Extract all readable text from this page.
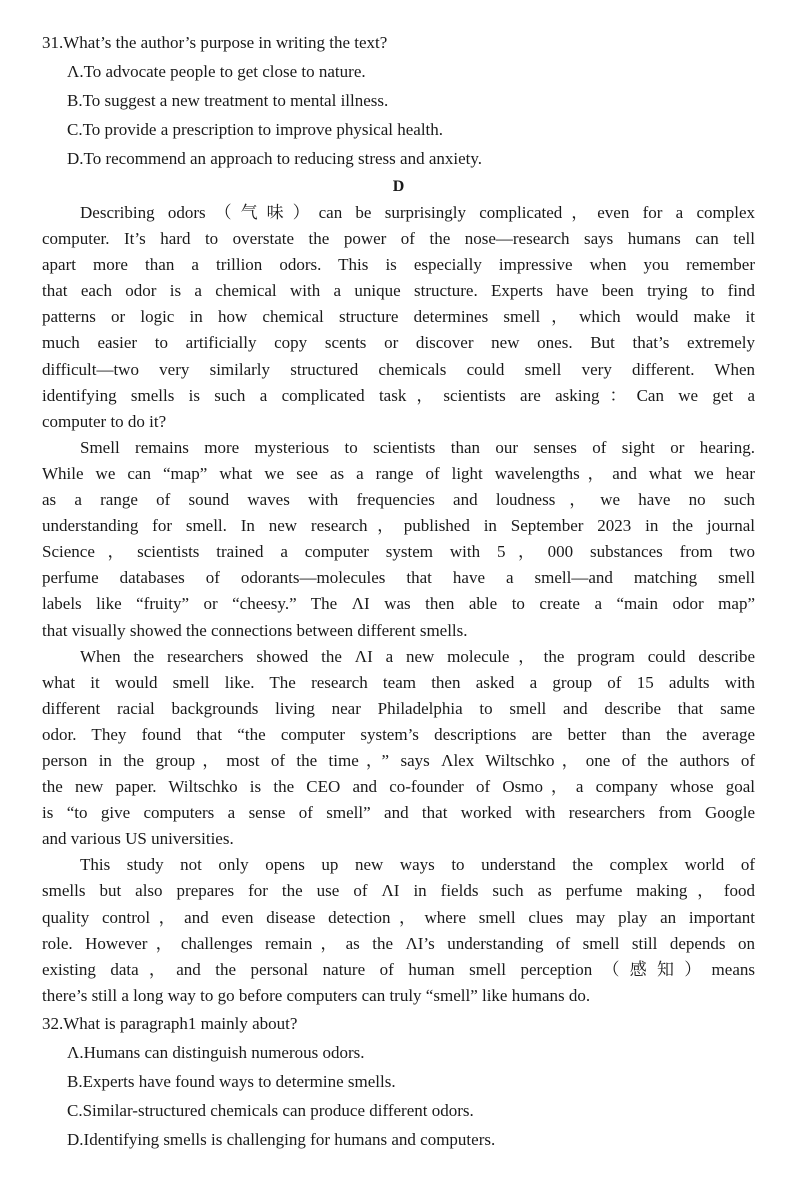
31.What’s the author’s purpose in writing the text?
Λ.To advocate people to get close to nature.
B.To suggest a new treatment to mental illness.
C.To provide a prescription to improve physical health.
D.To recommend an approach to reducing stress and anxiety.
D
Describing odors（气味）can be surprisingly complicated，even for a complex
computer. It’s hard to overstate the power of the nose—research says humans can tell
apart more than a trillion odors. This is especially impressive when you remember
that each odor is a chemical with a unique structure. Experts have been trying to find
patterns or logic in how chemical structure determines smell，which would make it
much easier to artificially copy scents or discover new ones. But that’s extremely
difficult—two very similarly structured chemicals could smell very different. When
identifying smells is such a complicated task，scientists are asking：Can we get a
computer to do it?
Smell remains more mysterious to scientists than our senses of sight or hearing.
While we can “map” what we see as a range of light wavelengths，and what we hear
as a range of sound waves with frequencies and loudness，we have no such
understanding for smell. In new research，published in September 2023 in the journal
Science，scientists trained a computer system with 5，000 substances from two
perfume databases of odorants—molecules that have a smell—and matching smell
labels like “fruity” or “cheesy.” The ΛI was then able to create a “main odor map”
that visually showed the connections between different smells.
When the researchers showed the ΛI a new molecule，the program could describe
what it would smell like. The research team then asked a group of 15 adults with
different racial backgrounds living near Philadelphia to smell and describe that same
odor. They found that “the computer system’s descriptions are better than the average
person in the group，most of the time，” says Λlex Wiltschko，one of the authors of
the new paper. Wiltschko is the CEO and co-founder of Osmo，a company whose goal
is “to give computers a sense of smell” and that worked with researchers from Google
and various US universities.
This study not only opens up new ways to understand the complex world of
smells but also prepares for the use of ΛI in fields such as perfume making，food
quality control，and even disease detection，where smell clues may play an important
role. However，challenges remain，as the ΛI’s understanding of smell still depends on
existing data，and the personal nature of human smell perception（感知）means
there’s still a long way to go before computers can truly “smell” like humans do.
32.What is paragraph1 mainly about?
Λ.Humans can distinguish numerous odors.
B.Experts have found ways to determine smells.
C.Similar-structured chemicals can produce different odors.
D.Identifying smells is challenging for humans and computers.
